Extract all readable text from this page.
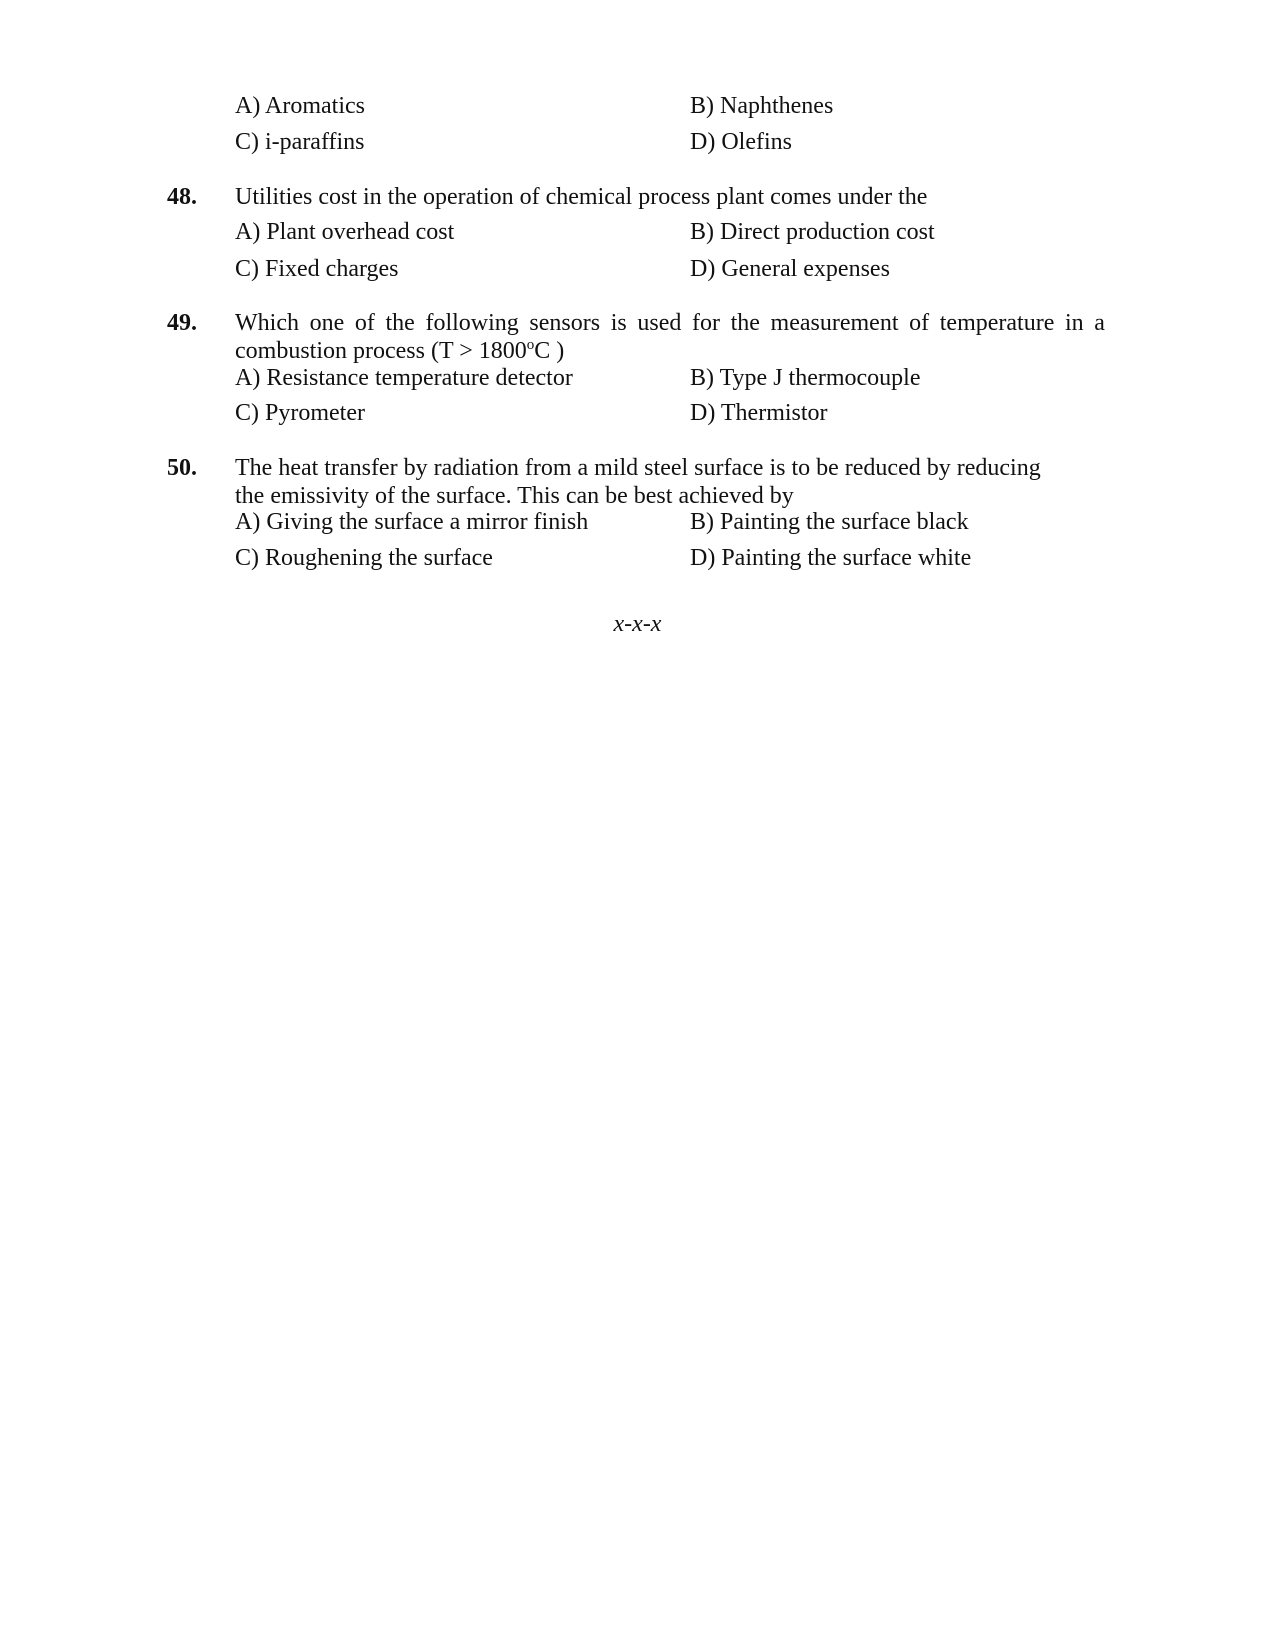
A) Aromatics	B) Naphthenes
C) i-paraffins	D) Olefins
48. Utilities cost in the operation of chemical process plant comes under the
A) Plant overhead cost	B) Direct production cost
C) Fixed charges	D) General expenses
49. Which one of the following sensors is used for the measurement of temperature in a
combustion process ($T > 1800^oC$ )
A) Resistance temperature detector	B) Type J thermocouple
C) Pyrometer	D) Thermistor
50. The heat transfer by radiation from a mild steel surface is to be reduced by reducing
the emissivity of the surface. This can be best achieved by
A) Giving the surface a mirror finish	B) Painting the surface black
C) Roughening the surface	D) Painting the surface white
x-x-x
